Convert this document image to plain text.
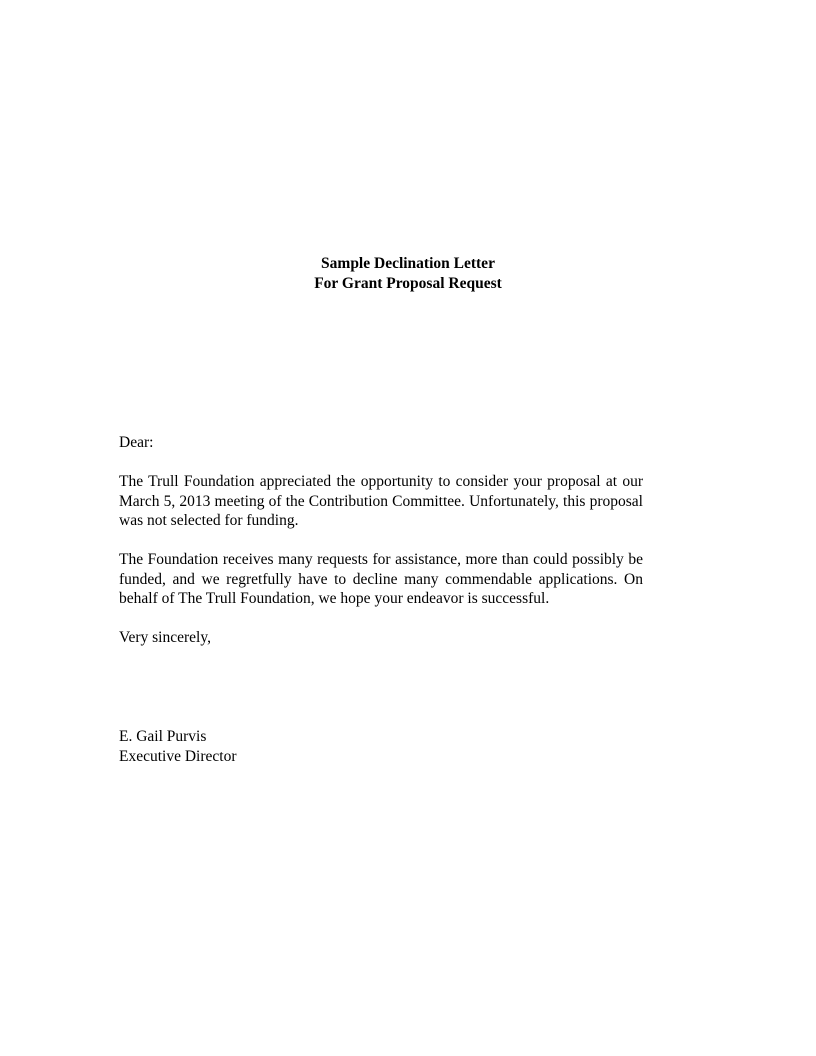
Sample Declination Letter
For Grant Proposal Request
Dear:
The Trull Foundation appreciated the opportunity to consider your proposal at our
March 5, 2013 meeting of the Contribution Committee. Unfortunately, this proposal
was not selected for funding.
The Foundation receives many requests for assistance, more than could possibly be
funded, and we regretfully have to decline many commendable applications. On
behalf of The Trull Foundation, we hope your endeavor is successful.
Very sincerely,
E. Gail Purvis
Executive Director
